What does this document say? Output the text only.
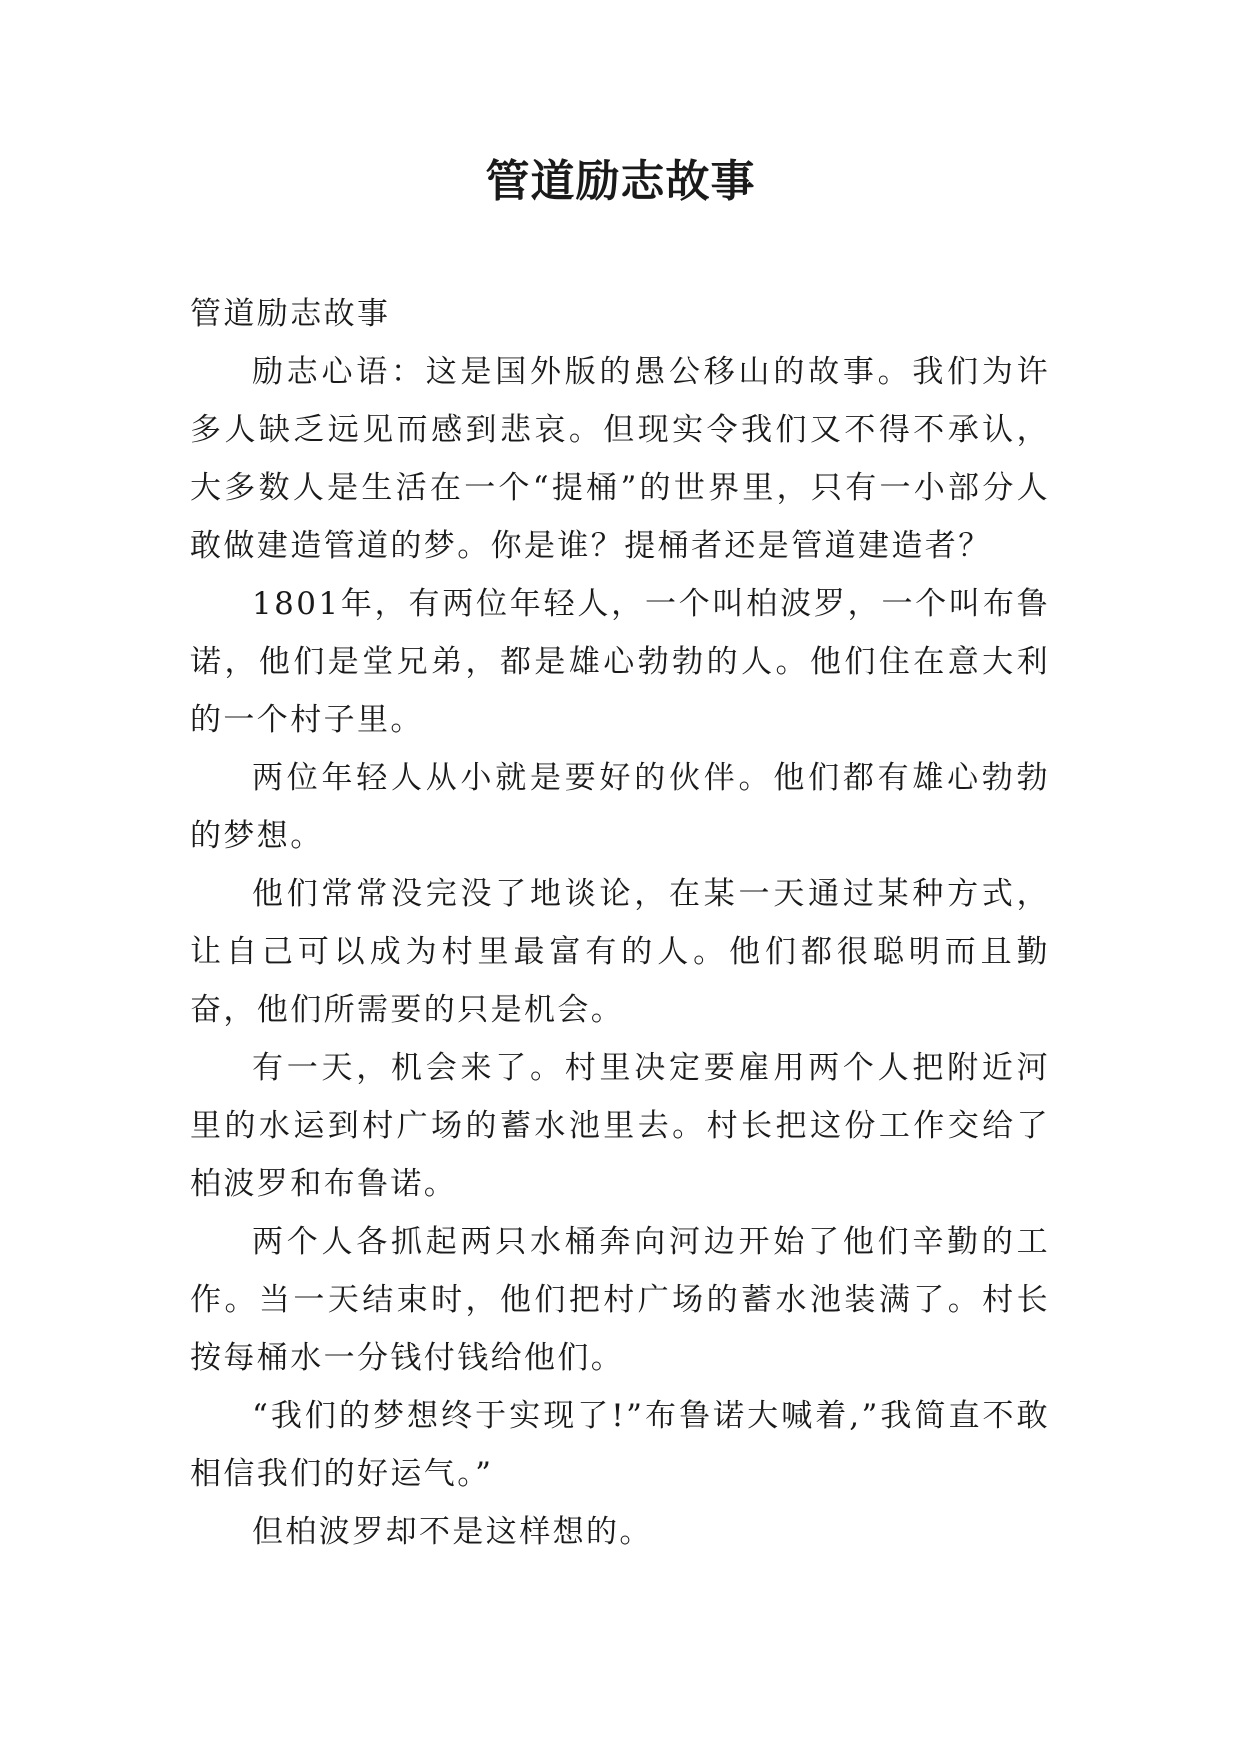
管道励志故事

管道励志故事

励志心语：这是国外版的愚公移山的故事。我们为许多人缺乏远见而感到悲哀。但现实令我们又不得不承认，大多数人是生活在一个“提桶”的世界里，只有一小部分人敢做建造管道的梦。你是谁？提桶者还是管道建造者？

1801年，有两位年轻人，一个叫柏波罗，一个叫布鲁诺，他们是堂兄弟，都是雄心勃勃的人。他们住在意大利的一个村子里。

两位年轻人从小就是要好的伙伴。他们都有雄心勃勃的梦想。

他们常常没完没了地谈论，在某一天通过某种方式，让自己可以成为村里最富有的人。他们都很聪明而且勤奋，他们所需要的只是机会。

有一天，机会来了。村里决定要雇用两个人把附近河里的水运到村广场的蓄水池里去。村长把这份工作交给了柏波罗和布鲁诺。

两个人各抓起两只水桶奔向河边开始了他们辛勤的工作。当一天结束时，他们把村广场的蓄水池装满了。村长按每桶水一分钱付钱给他们。

“我们的梦想终于实现了!”布鲁诺大喊着,”我简直不敢相信我们的好运气。”

但柏波罗却不是这样想的。
